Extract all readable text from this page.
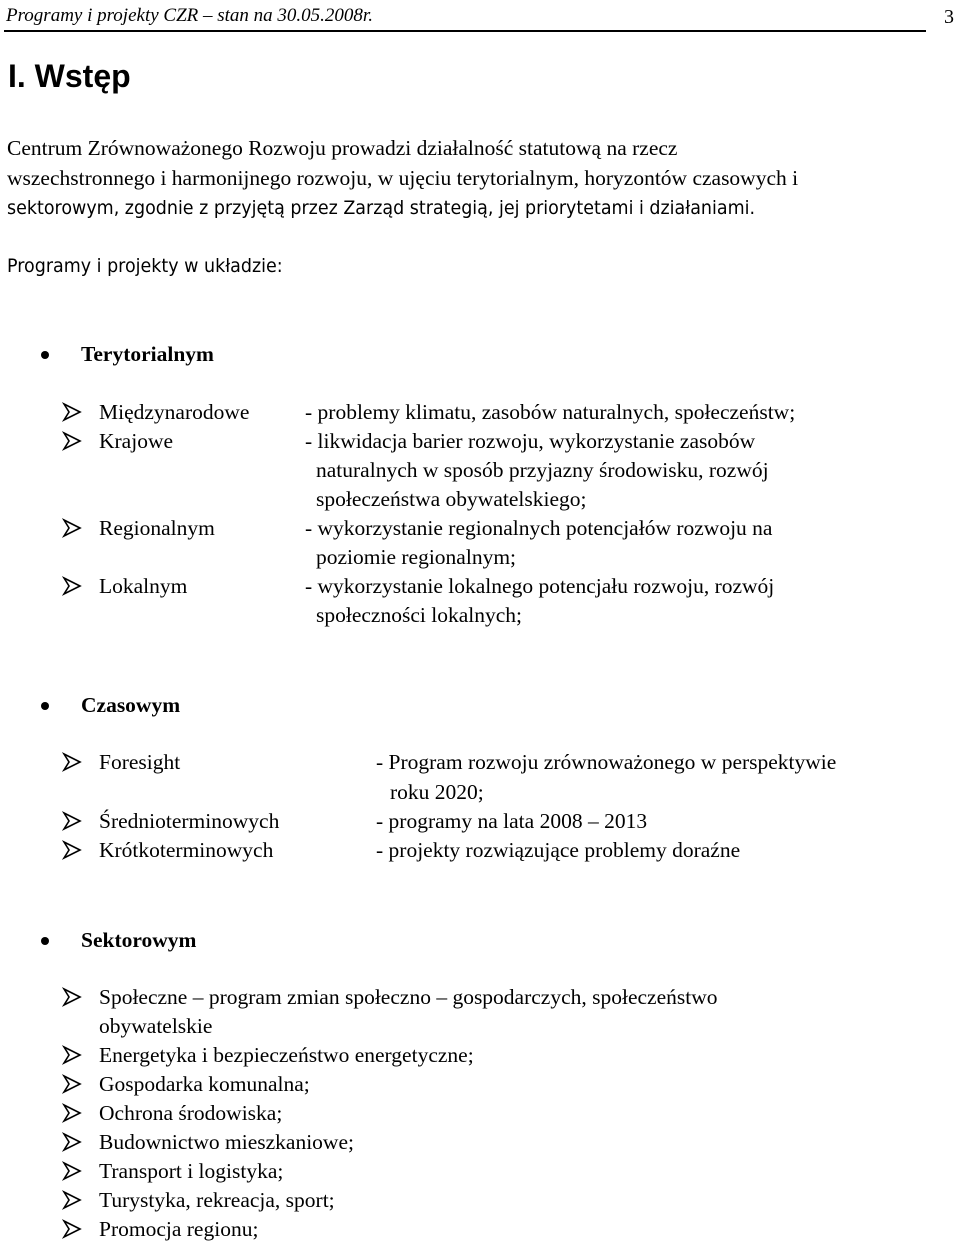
Programy i projekty CZR – stan na 30.05.2008r.	3
I. Wstęp
Centrum Zrównoważonego Rozwoju prowadzi działalność statutową na rzecz
wszechstronnego i harmonijnego rozwoju, w ujęciu terytorialnym, horyzontów czasowych i
sektorowym, zgodnie z przyjętą przez Zarząd strategią, jej priorytetami i działaniami.
Programy i projekty w układzie:
Terytorialnym
Międzynarodowe	- problemy klimatu, zasobów naturalnych, społeczeństw;
Krajowe	- likwidacja barier rozwoju, wykorzystanie zasobów
naturalnych w sposób przyjazny środowisku, rozwój
społeczeństwa obywatelskiego;
Regionalnym	- wykorzystanie regionalnych potencjałów rozwoju na
poziomie regionalnym;
Lokalnym	- wykorzystanie lokalnego potencjału rozwoju, rozwój
społeczności lokalnych;
Czasowym
Foresight	- Program rozwoju zrównoważonego w perspektywie
roku 2020;
Średnioterminowych	- programy na lata 2008 – 2013
Krótkoterminowych	- projekty rozwiązujące problemy doraźne
Sektorowym
Społeczne – program zmian społeczno – gospodarczych, społeczeństwo
obywatelskie
Energetyka i bezpieczeństwo energetyczne;
Gospodarka komunalna;
Ochrona środowiska;
Budownictwo mieszkaniowe;
Transport i logistyka;
Turystyka, rekreacja, sport;
Promocja regionu;
